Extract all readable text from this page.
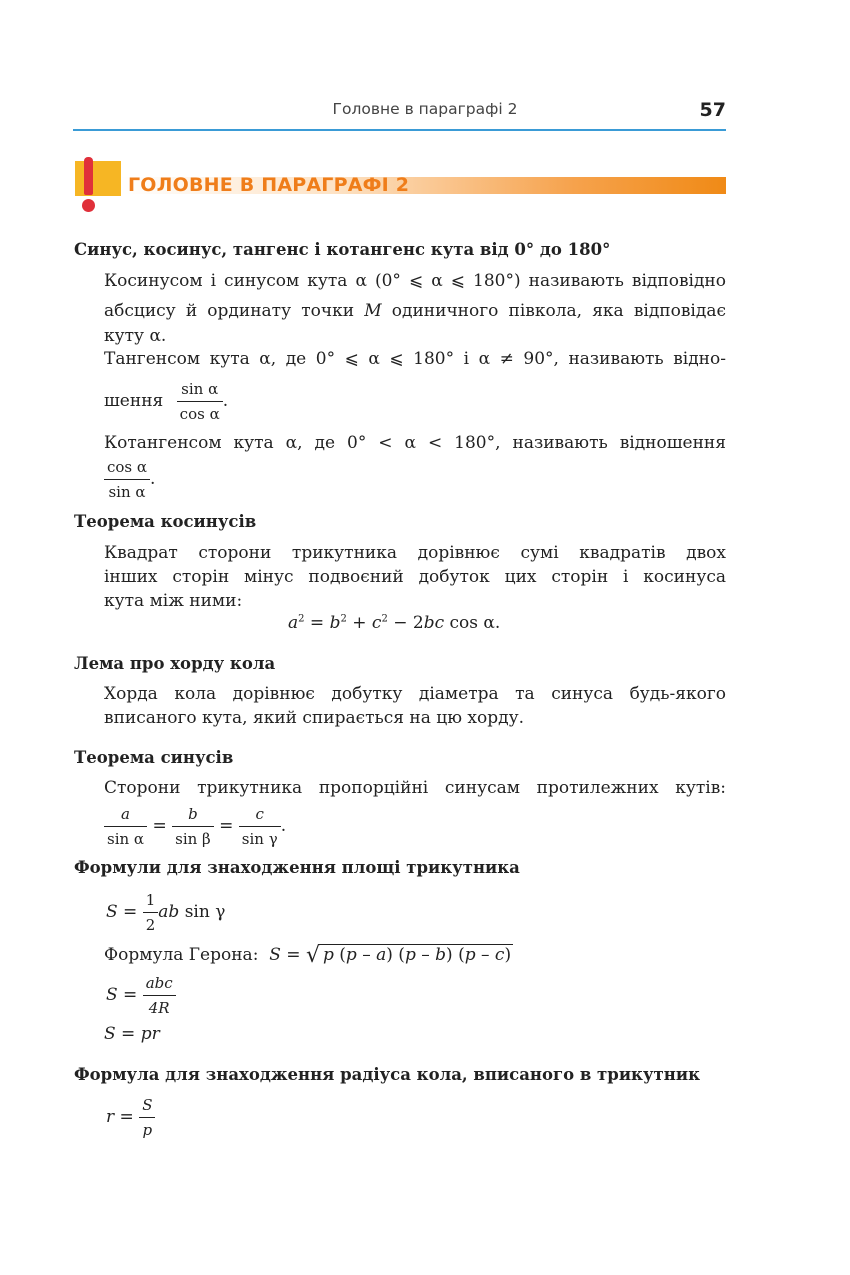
Головне в параграфі 2	57
ГОЛОВНЕ В ПАРАГРАФІ 2
Синус, косинус, тангенс і котангенс кута від 0° до 180°
Косинусом і синусом кута α (0° ⩽ α ⩽ 180°) називають відповідно
абсцису й ординату точки M одиничного півкола, яка відповідає
куту α.
Тангенсом кута α, де 0° ⩽ α ⩽ 180° і α ≠ 90°, називають відно-
шення $\frac{\text{sin α}}{\text{cos α}}$ .
Котангенсом кута α, де 0° < α < 180°, називають відношення
$\frac{\text{cos α}}{\text{sin α}}$ .
Теорема косинусів
Квадрат сторони трикутника дорівнює сумі квадратів двох
інших сторін мінус подвоєний добуток цих сторін і косинуса
кута між ними:
$a^2 = b^2 + c^2 - 2bc$ cos α.
Лема про хорду кола
Хорда кола дорівнює добутку діаметра та синуса будь-якого
вписаного кута, який спирається на цю хорду.
Теорема синусів
Сторони трикутника пропорційні синусам протилежних кутів:
$\frac{a}{\text{sin α}} = \frac{b}{\text{sin β}} = \frac{c}{\text{sin γ}}$ .
Формули для знаходження площі трикутника
$S = \frac{1}{2}$ ab sin γ
Формула Герона: S = √ p (p – a) (p – b) (p – c)
$S = \frac{\text{abc}}{4R}$
S = pr
Формула для знаходження радіуса кола, вписаного в трикутник
$r = \frac{S}{p}$
